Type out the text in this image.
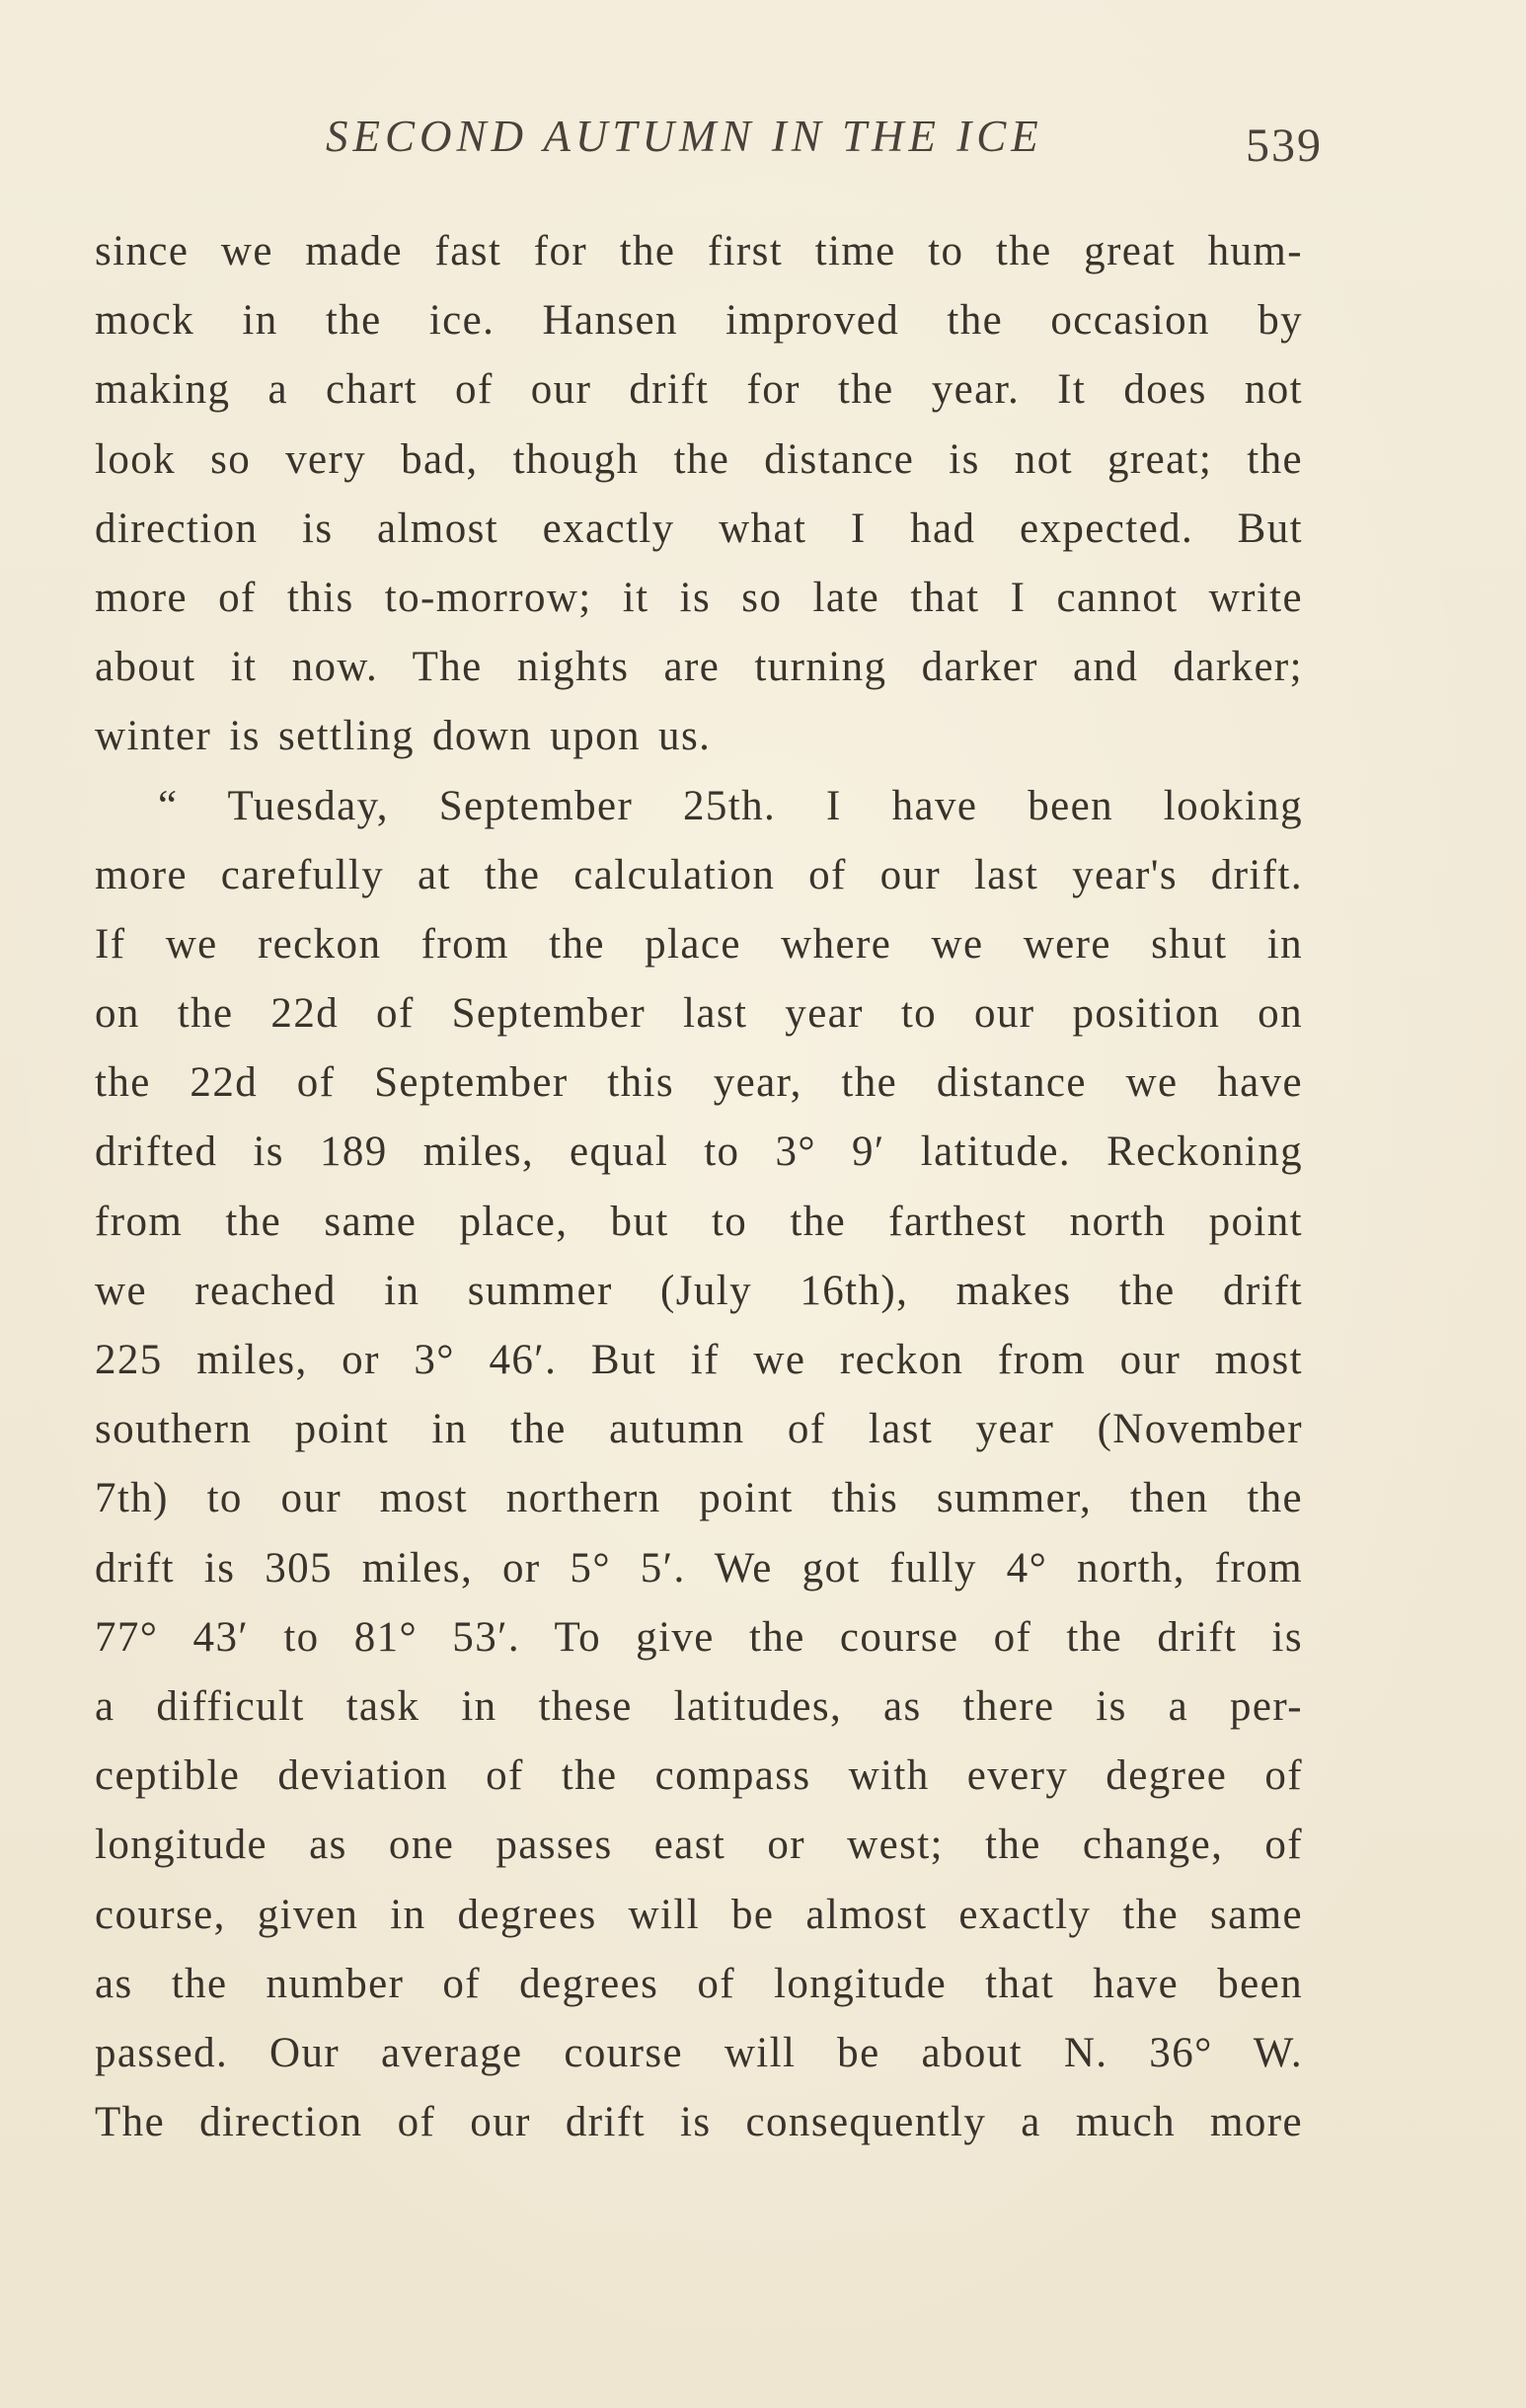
SECOND AUTUMN IN THE ICE	539
since we made fast for the first time to the great hum-
mock in the ice. Hansen improved the occasion by
making a chart of our drift for the year. It does not
look so very bad, though the distance is not great; the
direction is almost exactly what I had expected. But
more of this to-morrow; it is so late that I cannot write
about it now. The nights are turning darker and darker;
winter is settling down upon us.
“ Tuesday, September 25th. I have been looking
more carefully at the calculation of our last year's drift.
If we reckon from the place where we were shut in
on the 22d of September last year to our position on
the 22d of September this year, the distance we have
drifted is 189 miles, equal to 3° 9′ latitude. Reckoning
from the same place, but to the farthest north point
we reached in summer (July 16th), makes the drift
225 miles, or 3° 46′. But if we reckon from our most
southern point in the autumn of last year (November
7th) to our most northern point this summer, then the
drift is 305 miles, or 5° 5′. We got fully 4° north, from
77° 43′ to 81° 53′. To give the course of the drift is
a difficult task in these latitudes, as there is a per-
ceptible deviation of the compass with every degree of
longitude as one passes east or west; the change, of
course, given in degrees will be almost exactly the same
as the number of degrees of longitude that have been
passed. Our average course will be about N. 36° W.
The direction of our drift is consequently a much more
